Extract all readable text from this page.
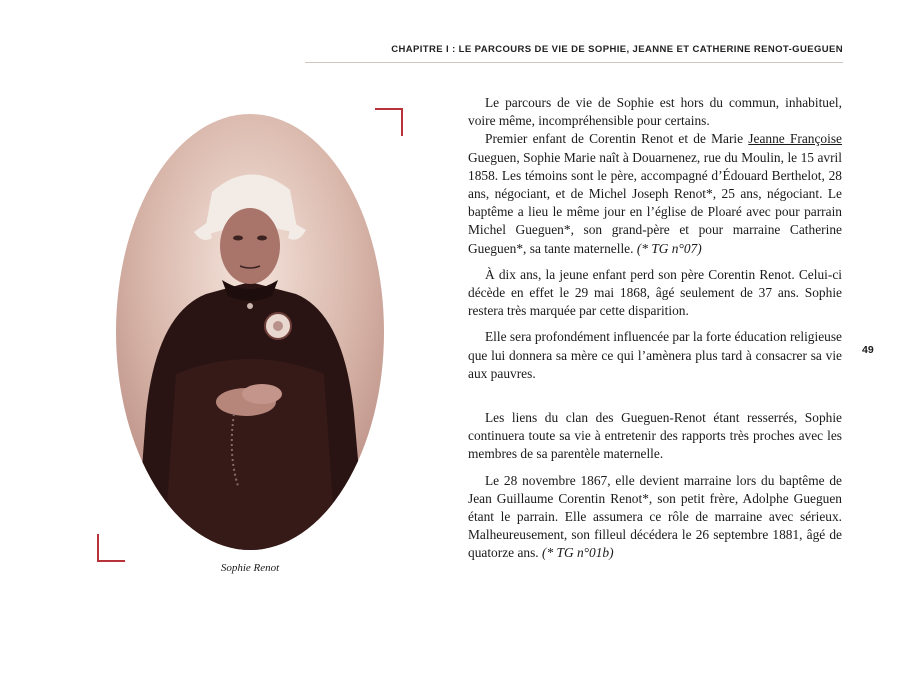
CHAPITRE I : LE PARCOURS DE VIE DE SOPHIE, JEANNE ET CATHERINE RENOT-GUEGUEN
Sophie Renot

Le parcours de vie de Sophie est hors du commun, inhabituel, voire même, incompréhensible pour certains.

Premier enfant de Corentin Renot et de Marie Jeanne Françoise Gueguen, Sophie Marie naît à Douarnenez, rue du Moulin, le 15 avril 1858. Les témoins sont le père, accompagné d’Édouard Berthelot, 28 ans, négociant, et de Michel Joseph Renot*, 25 ans, négociant. Le baptême a lieu le même jour en l’église de Ploaré avec pour parrain Michel Gueguen*, son grand-père et pour marraine Catherine Gueguen*, sa tante maternelle. (* TG n°07)

À dix ans, la jeune enfant perd son père Corentin Renot. Celui-ci décède en effet le 29 mai 1868, âgé seulement de 37 ans. Sophie restera très marquée par cette disparition.

Elle sera profondément influencée par la forte éducation religieuse que lui donnera sa mère ce qui l’amènera plus tard à consacrer sa vie aux pauvres.

Les liens du clan des Gueguen-Renot étant resserrés, Sophie continuera toute sa vie à entretenir des rapports très proches avec les membres de sa parentèle maternelle.

Le 28 novembre 1867, elle devient marraine lors du baptême de Jean Guillaume Corentin Renot*, son petit frère, Adolphe Gueguen étant le parrain. Elle assumera ce rôle de marraine avec sérieux. Malheureusement, son filleul décédera le 26 septembre 1881, âgé de quatorze ans. (* TG n°01b)

49
